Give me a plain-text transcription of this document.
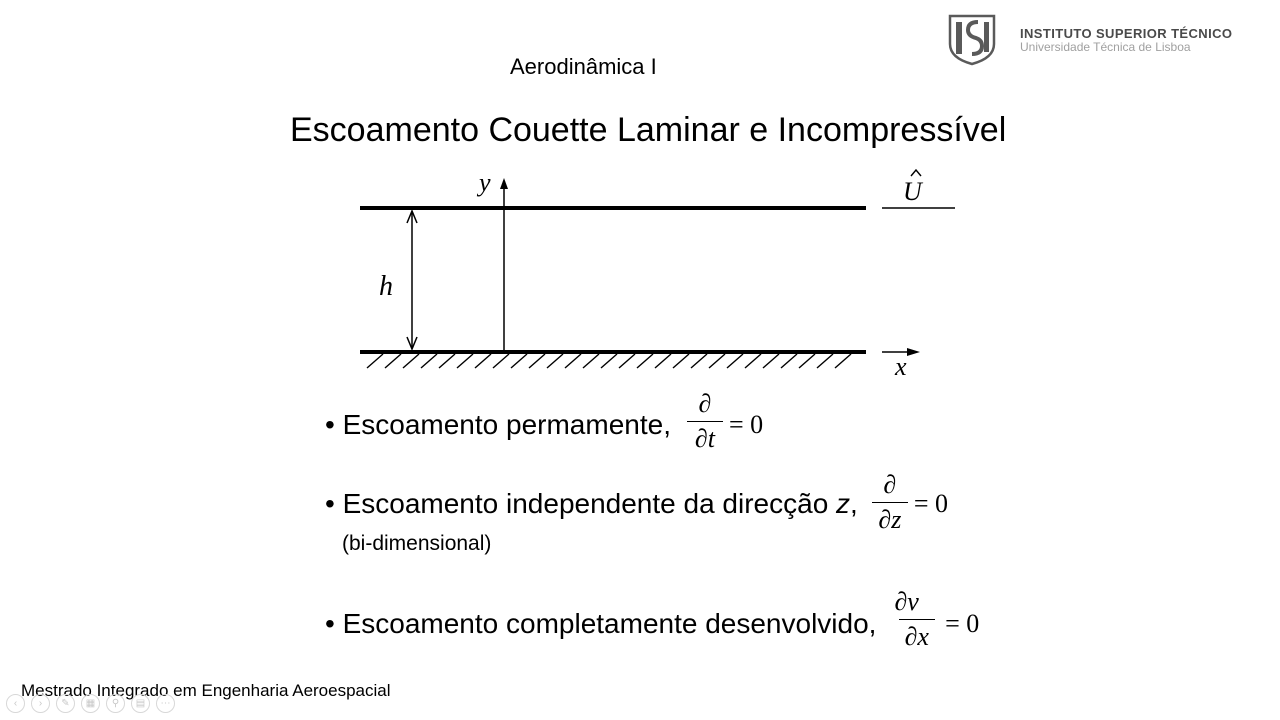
Aerodinâmica I
INSTITUTO SUPERIOR TÉCNICO
Universidade Técnica de Lisboa
Escoamento Couette Laminar e Incompressível
y
h
U
x
• Escoamento permamente, $\frac{\partial}{\partial t} = 0$
• Escoamento independente da direcção
z , $\frac{\partial}{\partial z} = 0$
(bi-dimensional)
• Escoamento completamente desenvolvido, $\frac{\partial v⃗}{\partial x} = 0$
Mestrado Integrado em Engenharia Aeroespacial
‹	›	✎	▦	⚲	▤	⋯
